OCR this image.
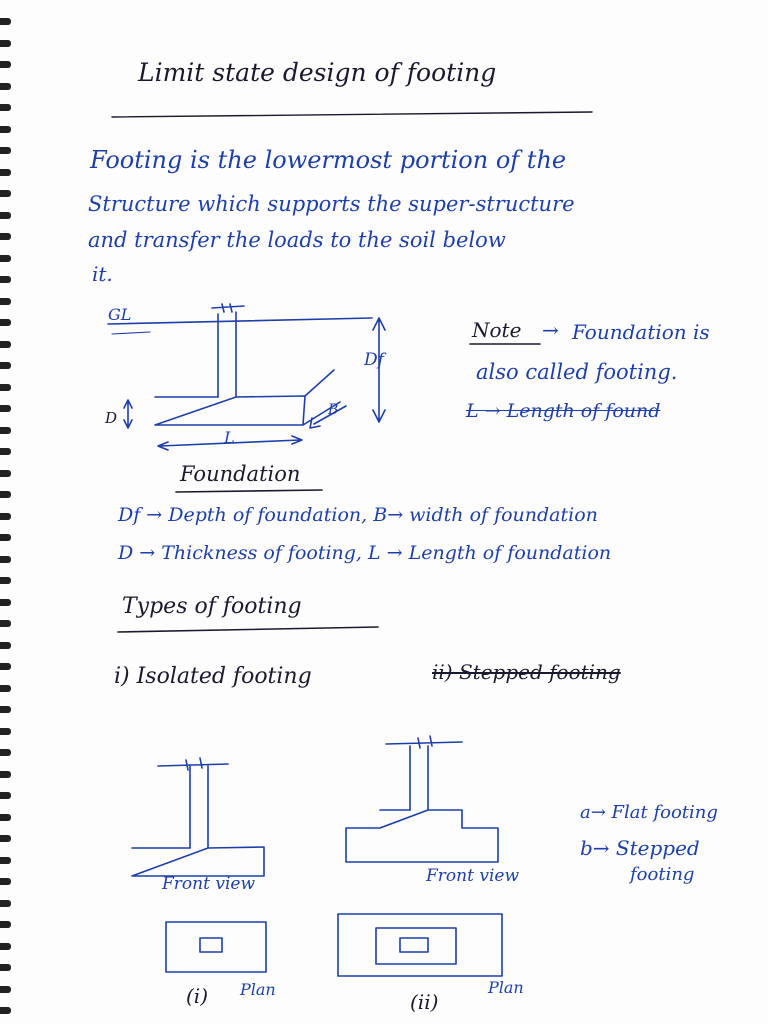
Limit state design of footing
Footing is the lowermost portion of the
Structure which supports the super-structure
and transfer the loads to the soil below
it.
GL
Df
D	B
L
Foundation
Note → Foundation is
also called footing.
L → Length of found
Df → Depth of foundation, B→ width of foundation
D → Thickness of footing, L → Length of foundation
Types of footing
i) Isolated footing	ii) Stepped footing
Front view	Front view
(i) Plan
(ii)
Plan
a→ Flat footing
b→ Stepped
footing
